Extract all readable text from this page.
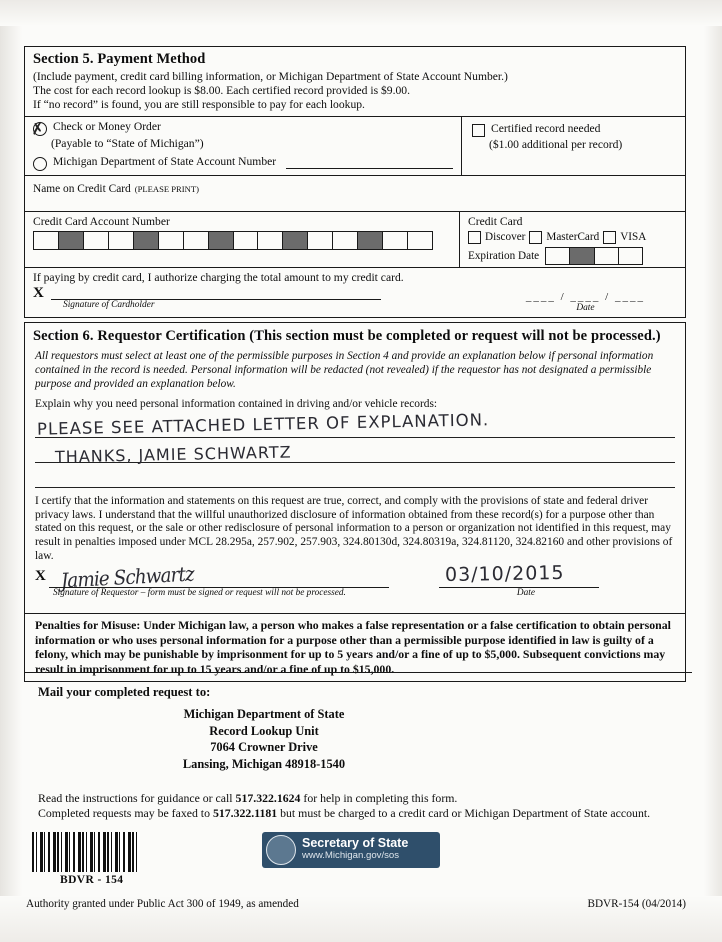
Section 5. Payment Method
(Include payment, credit card billing information, or Michigan Department of State Account Number.)
The cost for each record lookup is $8.00. Each certified record provided is $9.00.
If “no record” is found, you are still responsible to pay for each lookup.
✗ Check or Money Order
(Payable to “State of Michigan”)
Michigan Department of State Account Number
Certified record needed
($1.00 additional per record)
Name on Credit Card (PLEASE PRINT)
Credit Card Account Number	Credit Card
Discover MasterCard VISA
Expiration Date
If paying by credit card, I authorize charging the total amount to my credit card.
X
Signature of Cardholder
____ / ____ / ____
Date
Section 6. Requestor Certification (This section must be completed or request will not be processed.)
All requestors must select at least one of the permissible purposes in Section 4 and provide an explanation below if personal information contained in the record is needed. Personal information will be redacted (not revealed) if the requestor has not designated a permissible purpose and provided an explanation below.
Explain why you need personal information contained in driving and/or vehicle records:
PLEASE SEE ATTACHED LETTER OF EXPLANATION.
THANKS, JAMIE SCHWARTZ
I certify that the information and statements on this request are true, correct, and comply with the provisions of state and federal driver privacy laws. I understand that the willful unauthorized disclosure of information obtained from these record(s) for a purpose other than stated on this request, or the sale or other redisclosure of personal information to a person or organization not identified in this request, may result in penalties imposed under MCL 28.295a, 257.902, 257.903, 324.80130d, 324.80319a, 324.81120, 324.82160 and other provisions of law.
X Jamie Schwartz
Signature of Requestor – form must be signed or request will not be processed.
03/10/2015
Date
Penalties for Misuse: Under Michigan law, a person who makes a false representation or a false certification to obtain personal information or who uses personal information for a purpose other than a permissible purpose identified in law is guilty of a felony, which may be punishable by imprisonment for up to 5 years and/or a fine of up to $5,000. Subsequent convictions may result in imprisonment for up to 15 years and/or a fine of up to $15,000.
Mail your completed request to:
Michigan Department of State
Record Lookup Unit
7064 Crowner Drive
Lansing, Michigan 48918-1540
Read the instructions for guidance or call 517.322.1624 for help in completing this form.
Completed requests may be faxed to 517.322.1181 but must be charged to a credit card or Michigan Department of State account.
BDVR - 154
Secretary of State
www.Michigan.gov/sos
Authority granted under Public Act 300 of 1949, as amended	BDVR-154 (04/2014)
